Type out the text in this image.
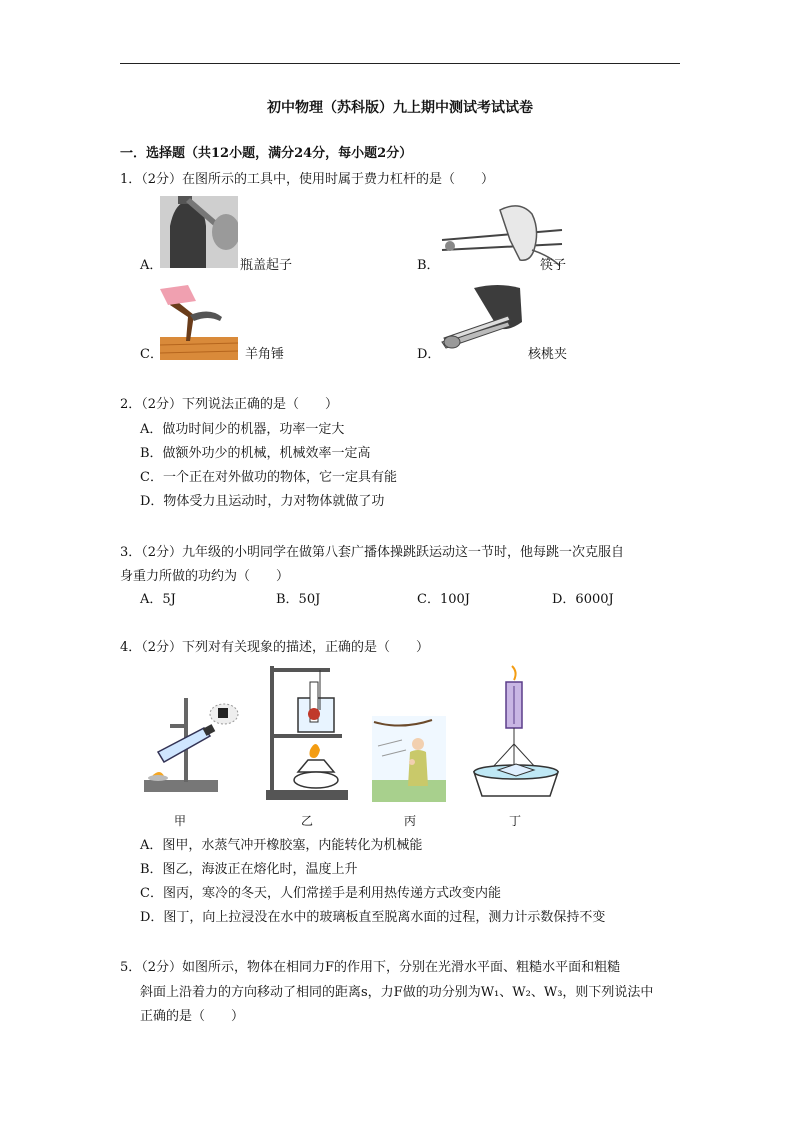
初中物理（苏科版）九上期中测试考试试卷
一．选择题（共12小题，满分24分，每小题2分）
1．（2分）在图所示的工具中，使用时属于费力杠杆的是（　　）
A．	瓶盖起子	B．	筷子
C．	羊角锤	D．	核桃夹
2．（2分）下列说法正确的是（　　）
A．做功时间少的机器，功率一定大
B．做额外功少的机械，机械效率一定高
C．一个正在对外做功的物体，它一定具有能
D．物体受力且运动时，力对物体就做了功
3．（2分）九年级的小明同学在做第八套广播体操跳跃运动这一节时，他每跳一次克服自
身重力所做的功约为（　　）
A．5J	B．50J	C．100J	D．6000J
4．（2分）下列对有关现象的描述，正确的是（　　）
甲	乙	丙	丁
A．图甲，水蒸气冲开橡胶塞，内能转化为机械能
B．图乙，海波正在熔化时，温度上升
C．图丙，寒冷的冬天，人们常搓手是利用热传递方式改变内能
D．图丁，向上拉浸没在水中的玻璃板直至脱离水面的过程，测力计示数保持不变
5．（2分）如图所示，物体在相同力F的作用下，分别在光滑水平面、粗糙水平面和粗糙
斜面上沿着力的方向移动了相同的距离s，力F做的功分别为W₁、W₂、W₃，则下列说法中
正确的是（　　）
